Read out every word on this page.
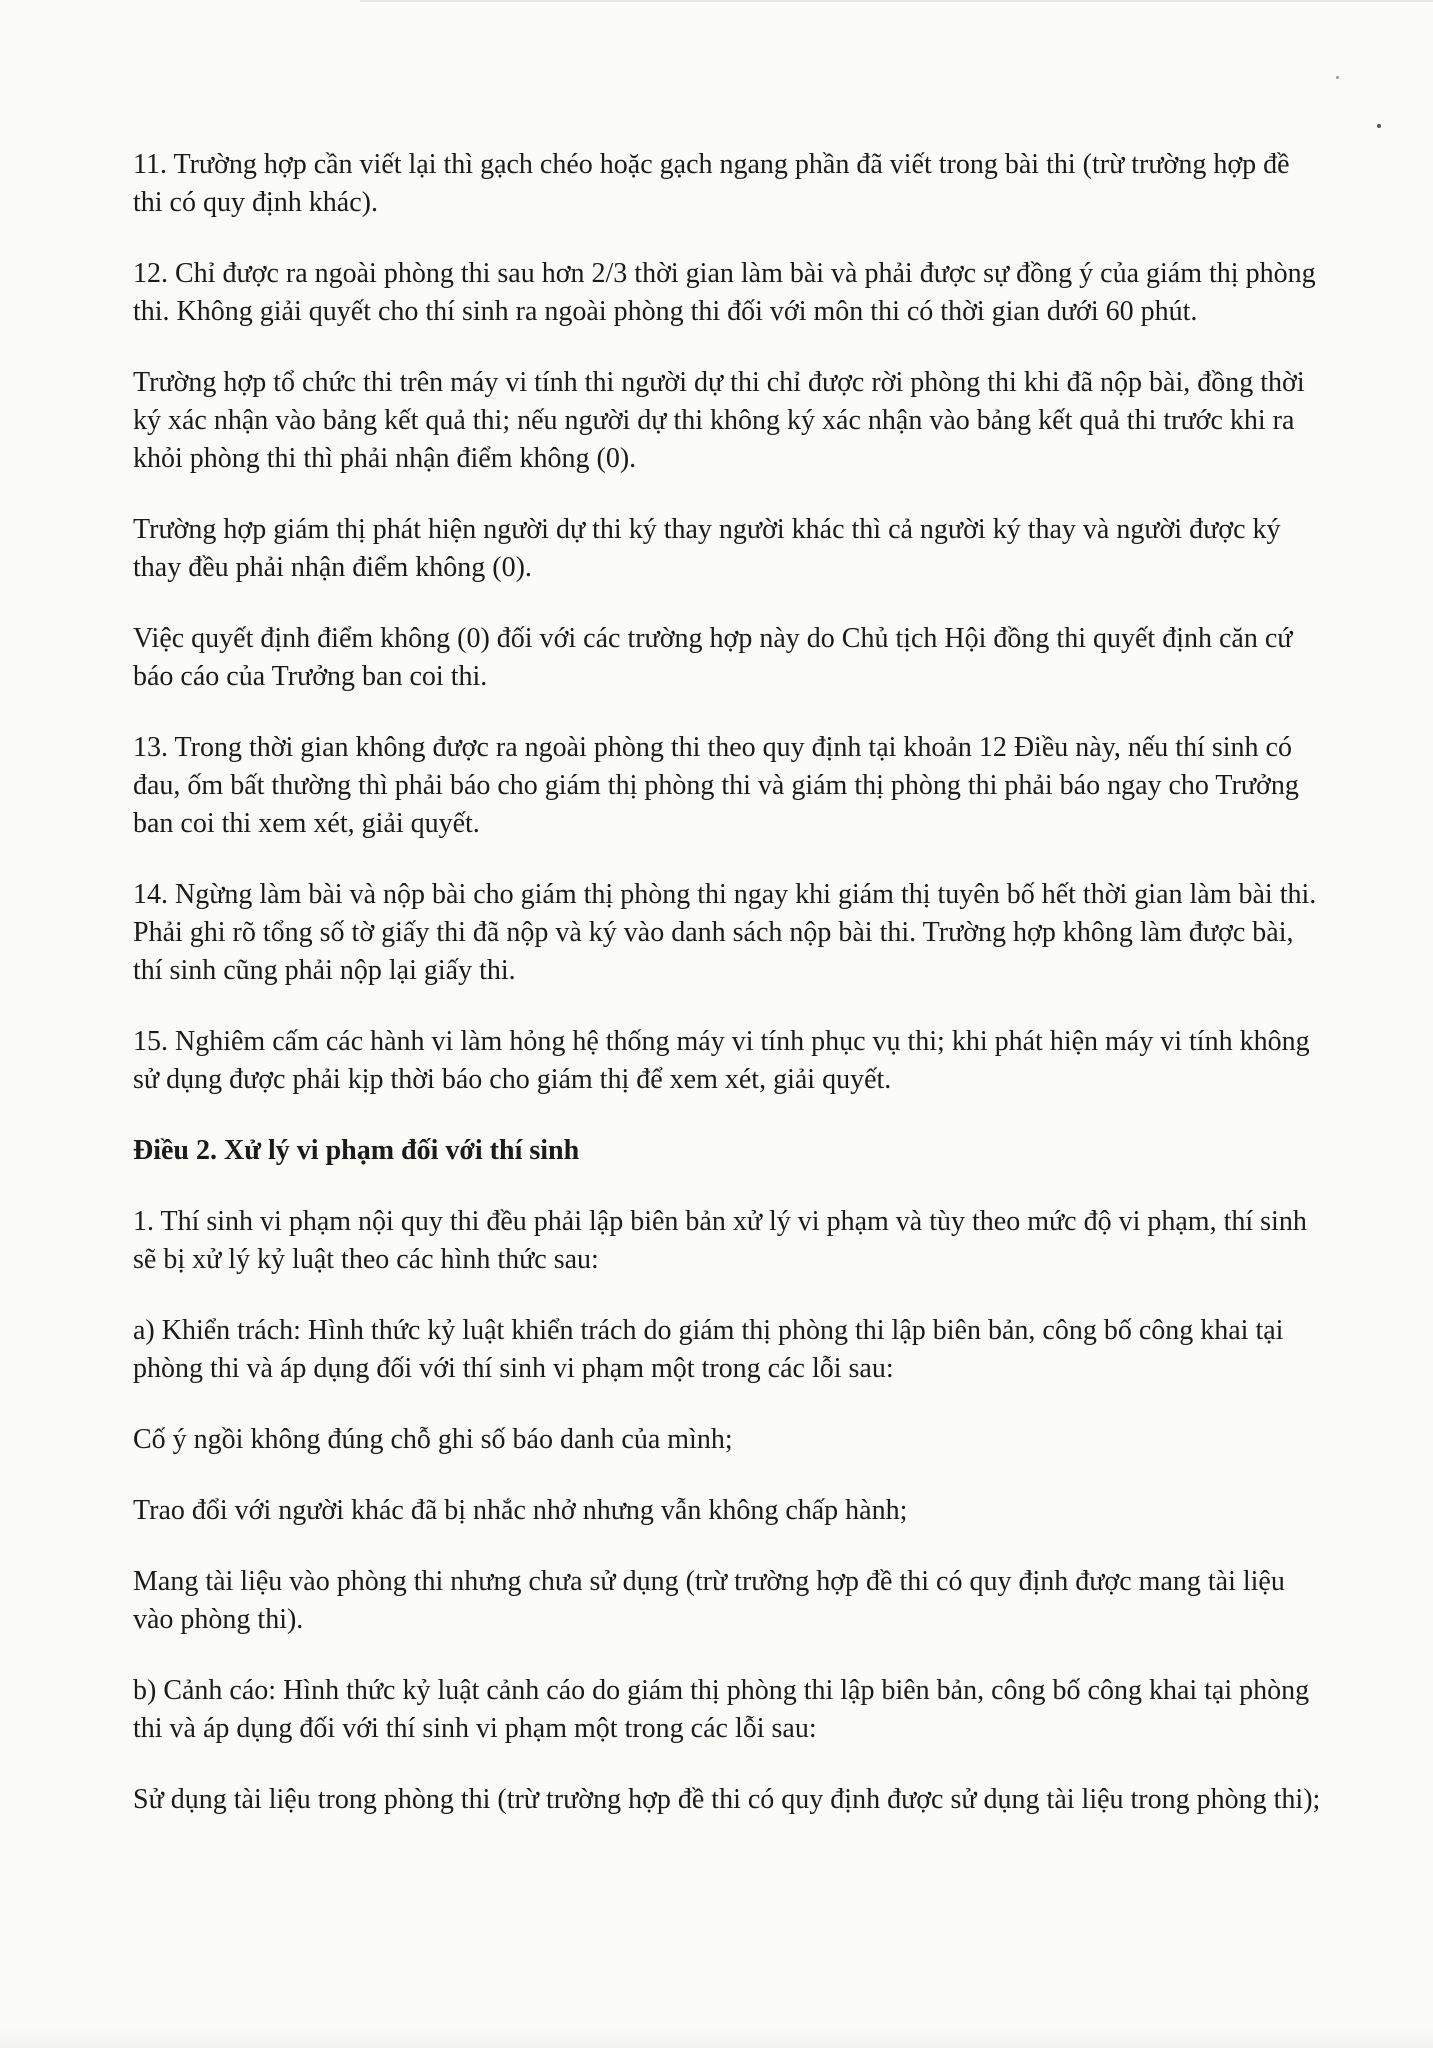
11. Trường hợp cần viết lại thì gạch chéo hoặc gạch ngang phần đã viết trong bài thi (trừ trường hợp đề thi có quy định khác).

12. Chỉ được ra ngoài phòng thi sau hơn 2/3 thời gian làm bài và phải được sự đồng ý của giám thị phòng thi. Không giải quyết cho thí sinh ra ngoài phòng thi đối với môn thi có thời gian dưới 60 phút.

Trường hợp tổ chức thi trên máy vi tính thi người dự thi chỉ được rời phòng thi khi đã nộp bài, đồng thời ký xác nhận vào bảng kết quả thi; nếu người dự thi không ký xác nhận vào bảng kết quả thi trước khi ra khỏi phòng thi thì phải nhận điểm không (0).

Trường hợp giám thị phát hiện người dự thi ký thay người khác thì cả người ký thay và người được ký thay đều phải nhận điểm không (0).

Việc quyết định điểm không (0) đối với các trường hợp này do Chủ tịch Hội đồng thi quyết định căn cứ báo cáo của Trưởng ban coi thi.

13. Trong thời gian không được ra ngoài phòng thi theo quy định tại khoản 12 Điều này, nếu thí sinh có đau, ốm bất thường thì phải báo cho giám thị phòng thi và giám thị phòng thi phải báo ngay cho Trưởng ban coi thi xem xét, giải quyết.

14. Ngừng làm bài và nộp bài cho giám thị phòng thi ngay khi giám thị tuyên bố hết thời gian làm bài thi. Phải ghi rõ tổng số tờ giấy thi đã nộp và ký vào danh sách nộp bài thi. Trường hợp không làm được bài, thí sinh cũng phải nộp lại giấy thi.

15. Nghiêm cấm các hành vi làm hỏng hệ thống máy vi tính phục vụ thi; khi phát hiện máy vi tính không sử dụng được phải kịp thời báo cho giám thị để xem xét, giải quyết.

Điều 2. Xử lý vi phạm đối với thí sinh

1. Thí sinh vi phạm nội quy thi đều phải lập biên bản xử lý vi phạm và tùy theo mức độ vi phạm, thí sinh sẽ bị xử lý kỷ luật theo các hình thức sau:

a) Khiển trách: Hình thức kỷ luật khiển trách do giám thị phòng thi lập biên bản, công bố công khai tại phòng thi và áp dụng đối với thí sinh vi phạm một trong các lỗi sau:

Cố ý ngồi không đúng chỗ ghi số báo danh của mình;

Trao đổi với người khác đã bị nhắc nhở nhưng vẫn không chấp hành;

Mang tài liệu vào phòng thi nhưng chưa sử dụng (trừ trường hợp đề thi có quy định được mang tài liệu vào phòng thi).

b) Cảnh cáo: Hình thức kỷ luật cảnh cáo do giám thị phòng thi lập biên bản, công bố công khai tại phòng thi và áp dụng đối với thí sinh vi phạm một trong các lỗi sau:

Sử dụng tài liệu trong phòng thi (trừ trường hợp đề thi có quy định được sử dụng tài liệu trong phòng thi);
